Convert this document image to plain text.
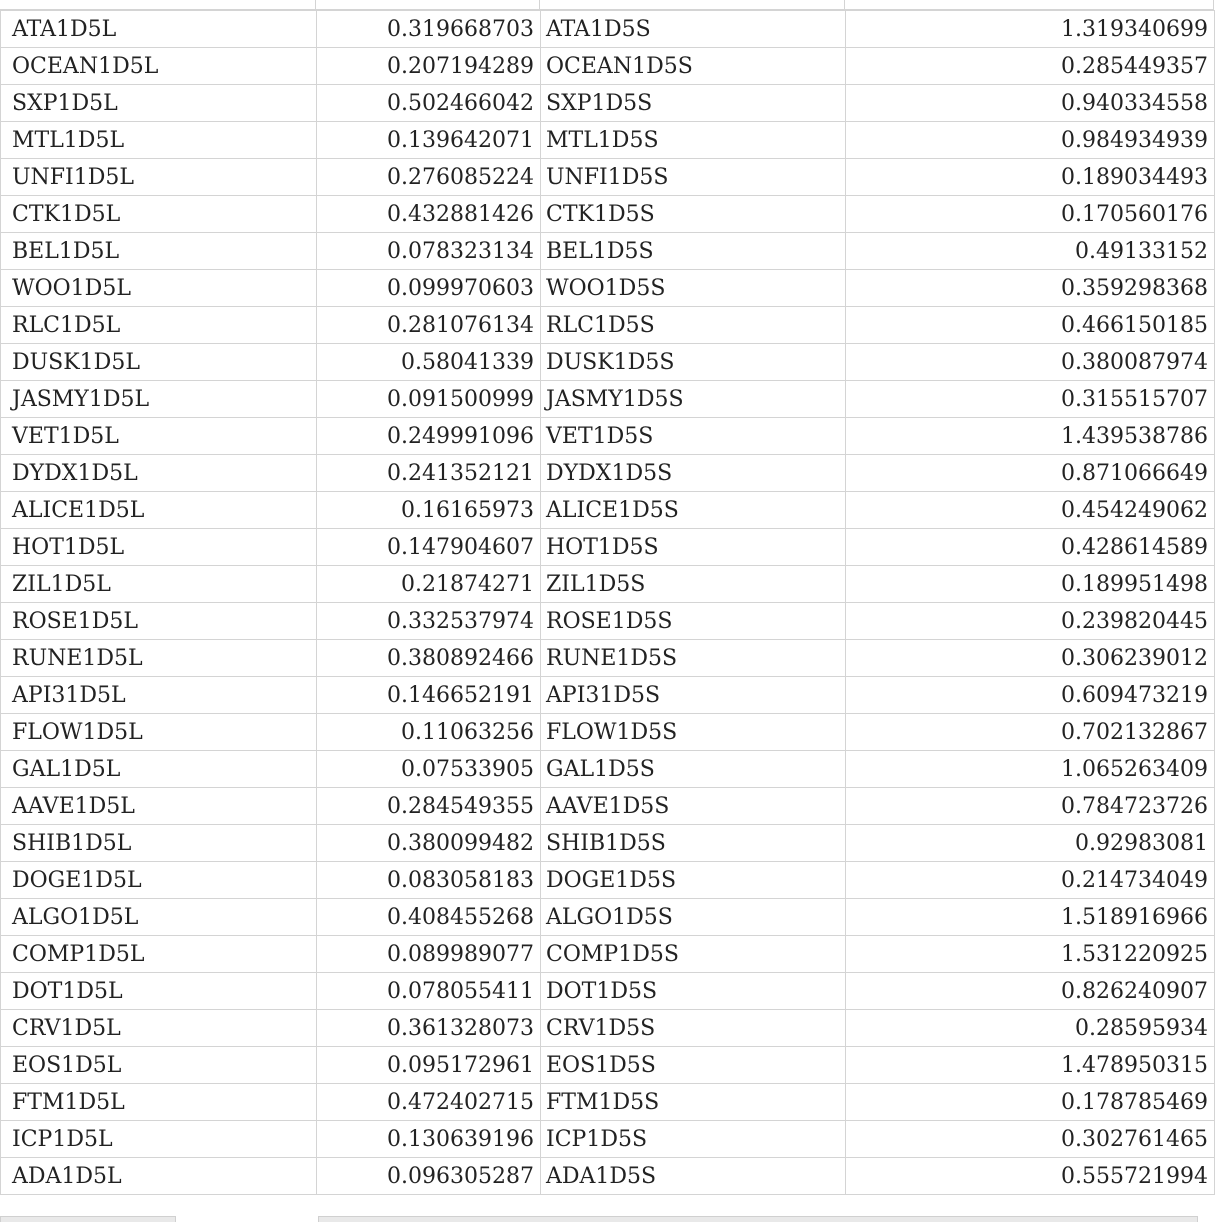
ATA1D5L	0.319668703	ATA1D5S	1.319340699
OCEAN1D5L	0.207194289	OCEAN1D5S	0.285449357
SXP1D5L	0.502466042	SXP1D5S	0.940334558
MTL1D5L	0.139642071	MTL1D5S	0.984934939
UNFI1D5L	0.276085224	UNFI1D5S	0.189034493
CTK1D5L	0.432881426	CTK1D5S	0.170560176
BEL1D5L	0.078323134	BEL1D5S	0.49133152
WOO1D5L	0.099970603	WOO1D5S	0.359298368
RLC1D5L	0.281076134	RLC1D5S	0.466150185
DUSK1D5L	0.58041339	DUSK1D5S	0.380087974
JASMY1D5L	0.091500999	JASMY1D5S	0.315515707
VET1D5L	0.249991096	VET1D5S	1.439538786
DYDX1D5L	0.241352121	DYDX1D5S	0.871066649
ALICE1D5L	0.16165973	ALICE1D5S	0.454249062
HOT1D5L	0.147904607	HOT1D5S	0.428614589
ZIL1D5L	0.21874271	ZIL1D5S	0.189951498
ROSE1D5L	0.332537974	ROSE1D5S	0.239820445
RUNE1D5L	0.380892466	RUNE1D5S	0.306239012
API31D5L	0.146652191	API31D5S	0.609473219
FLOW1D5L	0.11063256	FLOW1D5S	0.702132867
GAL1D5L	0.07533905	GAL1D5S	1.065263409
AAVE1D5L	0.284549355	AAVE1D5S	0.784723726
SHIB1D5L	0.380099482	SHIB1D5S	0.92983081
DOGE1D5L	0.083058183	DOGE1D5S	0.214734049
ALGO1D5L	0.408455268	ALGO1D5S	1.518916966
COMP1D5L	0.089989077	COMP1D5S	1.531220925
DOT1D5L	0.078055411	DOT1D5S	0.826240907
CRV1D5L	0.361328073	CRV1D5S	0.28595934
EOS1D5L	0.095172961	EOS1D5S	1.478950315
FTM1D5L	0.472402715	FTM1D5S	0.178785469
ICP1D5L	0.130639196	ICP1D5S	0.302761465
ADA1D5L	0.096305287	ADA1D5S	0.555721994
